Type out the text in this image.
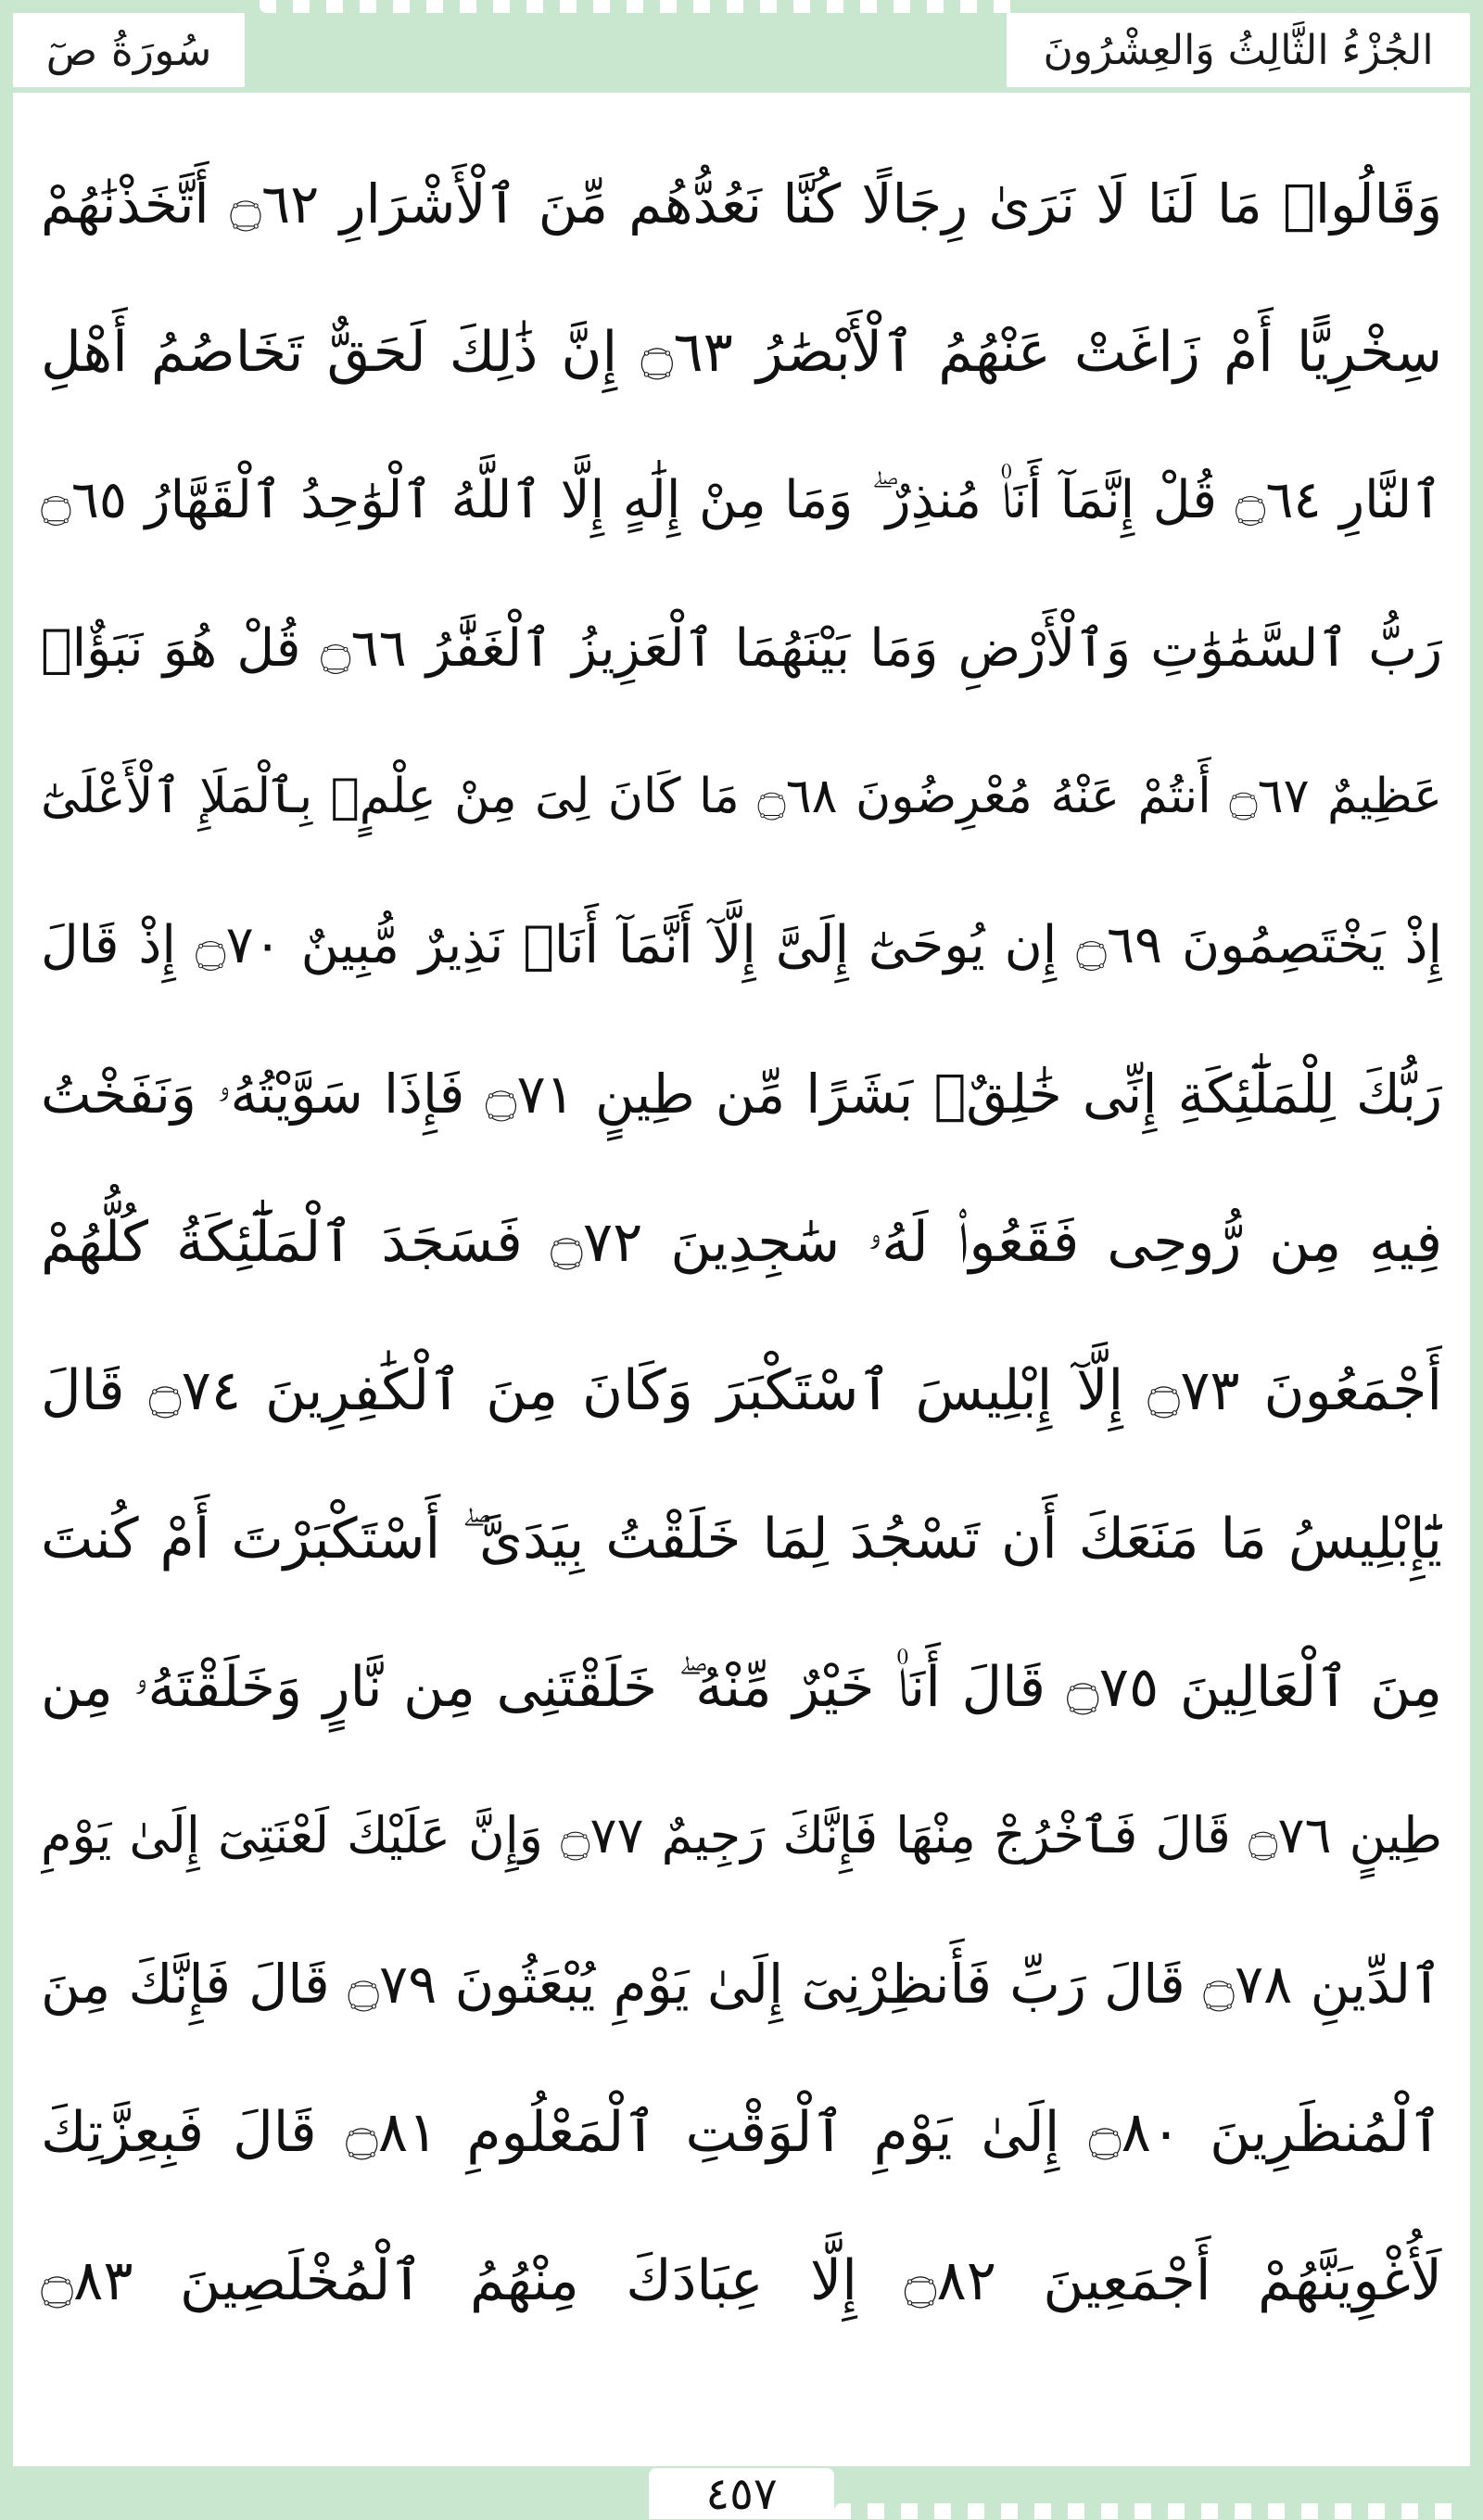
سُورَةُ صٓ	الجُزْءُ الثَّالِثُ وَالعِشْرُونَ
وَقَالُوا۟ مَا لَنَا لَا نَرَىٰ رِجَالًا كُنَّا نَعُدُّهُم مِّنَ ٱلْأَشْرَارِ ۝٦٢ أَتَّخَذْنَٰهُمْ
سِخْرِيًّا أَمْ زَاغَتْ عَنْهُمُ ٱلْأَبْصَٰرُ ۝٦٣ إِنَّ ذَٰلِكَ لَحَقٌّ تَخَاصُمُ أَهْلِ
ٱلنَّارِ ۝٦٤ قُلْ إِنَّمَآ أَنَا۠ مُنذِرٌ ۖ وَمَا مِنْ إِلَٰهٍ إِلَّا ٱللَّهُ ٱلْوَٰحِدُ ٱلْقَهَّارُ ۝٦٥
رَبُّ ٱلسَّمَٰوَٰتِ وَٱلْأَرْضِ وَمَا بَيْنَهُمَا ٱلْعَزِيزُ ٱلْغَفَّٰرُ ۝٦٦ قُلْ هُوَ نَبَؤٌا۟
عَظِيمٌ ۝٦٧ أَنتُمْ عَنْهُ مُعْرِضُونَ ۝٦٨ مَا كَانَ لِىَ مِنْ عِلْمٍۭ بِٱلْمَلَإِ ٱلْأَعْلَىٰٓ
إِذْ يَخْتَصِمُونَ ۝٦٩ إِن يُوحَىٰٓ إِلَىَّ إِلَّآ أَنَّمَآ أَنَا۠ نَذِيرٌ مُّبِينٌ ۝٧٠ إِذْ قَالَ
رَبُّكَ لِلْمَلَٰٓئِكَةِ إِنِّى خَٰلِقٌۢ بَشَرًا مِّن طِينٍ ۝٧١ فَإِذَا سَوَّيْتُهُۥ وَنَفَخْتُ
فِيهِ مِن رُّوحِى فَقَعُوا۟ لَهُۥ سَٰجِدِينَ ۝٧٢ فَسَجَدَ ٱلْمَلَٰٓئِكَةُ كُلُّهُمْ
أَجْمَعُونَ ۝٧٣ إِلَّآ إِبْلِيسَ ٱسْتَكْبَرَ وَكَانَ مِنَ ٱلْكَٰفِرِينَ ۝٧٤ قَالَ
يَٰٓإِبْلِيسُ مَا مَنَعَكَ أَن تَسْجُدَ لِمَا خَلَقْتُ بِيَدَىَّ ۖ أَسْتَكْبَرْتَ أَمْ كُنتَ
مِنَ ٱلْعَالِينَ ۝٧٥ قَالَ أَنَا۠ خَيْرٌ مِّنْهُ ۖ خَلَقْتَنِى مِن نَّارٍ وَخَلَقْتَهُۥ مِن
طِينٍ ۝٧٦ قَالَ فَٱخْرُجْ مِنْهَا فَإِنَّكَ رَجِيمٌ ۝٧٧ وَإِنَّ عَلَيْكَ لَعْنَتِىٓ إِلَىٰ يَوْمِ
ٱلدِّينِ ۝٧٨ قَالَ رَبِّ فَأَنظِرْنِىٓ إِلَىٰ يَوْمِ يُبْعَثُونَ ۝٧٩ قَالَ فَإِنَّكَ مِنَ
ٱلْمُنظَرِينَ ۝٨٠ إِلَىٰ يَوْمِ ٱلْوَقْتِ ٱلْمَعْلُومِ ۝٨١ قَالَ فَبِعِزَّتِكَ
لَأُغْوِيَنَّهُمْ أَجْمَعِينَ ۝٨٢ إِلَّا عِبَادَكَ مِنْهُمُ ٱلْمُخْلَصِينَ ۝٨٣
٤٥٧
